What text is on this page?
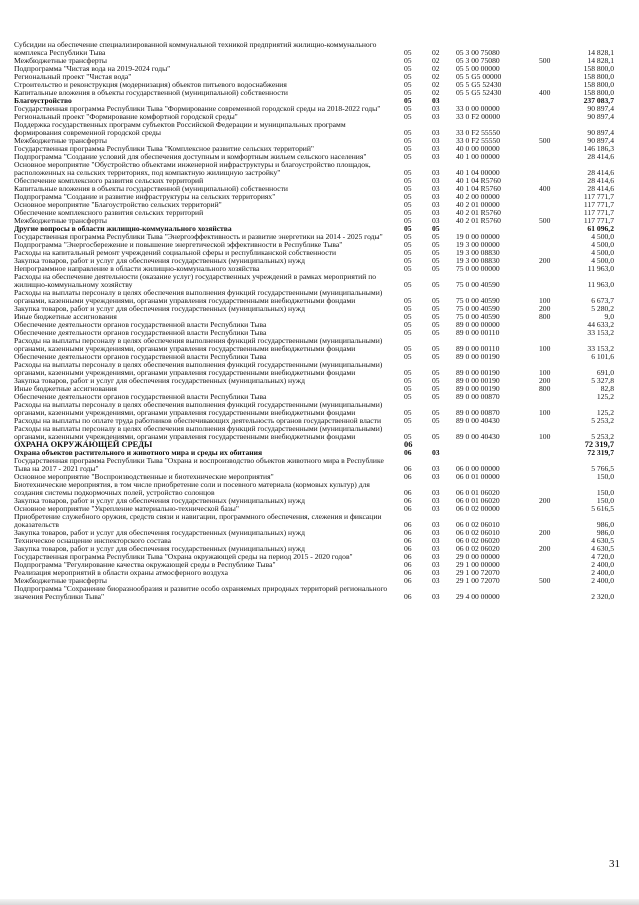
Субсидии на обеспечение специализированной коммунальной техникой предприятий жилищно-коммунального комплекса Республики Тыва	05	02 05 3 00 75080	14 828,1
Межбюджетные трансферты	05	02 05 3 00 75080	500	14 828,1
Подпрограмма "Чистая вода на 2019-2024 годы"	05	02 05 5 00 00000	158 800,0
Региональный проект "Чистая вода"	05	02 05 5 G5 00000	158 800,0
Строительство и реконструкция (модернизация) объектов питьевого водоснабжения	05	02 05 5 G5 52430	158 800,0
Капитальные вложения в объекты государственной (муниципальной) собственности	05	02 05 5 G5 52430	400	158 800,0
Благоустройство	05	03	237 083,7
Государственная программа Республики Тыва "Формирование современной городской среды на 2018-2022 годы"	05	03 33 0 00 00000	90 897,4
Региональный проект "Формирование комфортной городской среды"	05	03 33 0 F2 00000	90 897,4
Поддержка государственных программ субъектов Российской Федерации и муниципальных программ формирования современной городской среды	05	03 33 0 F2 55550	90 897,4
Межбюджетные трансферты	05	03 33 0 F2 55550	500	90 897,4
Государственная программа Республики Тыва "Комплексное развитие сельских территорий"	05	03 40 0 00 00000	146 186,3
Подпрограмма "Создание условий для обеспечения доступным и комфортным жильем сельского населения"	05	03 40 1 00 00000	28 414,6
Основное мероприятие "Обустройство объектами инженерной инфраструктуры и благоустройство площадок, расположенных на сельских территориях, под компактную жилищную застройку"	05	03 40 1 04 00000	28 414,6
Обеспечение комплексного развития сельских территорий	05	03 40 1 04 R5760	28 414,6
Капитальные вложения в объекты государственной (муниципальной) собственности	05	03 40 1 04 R5760	400	28 414,6
Подпрограмма "Создание и развитие инфраструктуры на сельских территориях"	05	03 40 2 00 00000	117 771,7
Основное мероприятие "Благоустройство сельских территорий"	05	03 40 2 01 00000	117 771,7
Обеспечение комплексного развития сельских территорий	05	03 40 2 01 R5760	117 771,7
Межбюджетные трансферты	05	03 40 2 01 R5760	500	117 771,7
Другие вопросы в области жилищно-коммунального хозяйства	05	05	61 096,2
Государственная программа Республики Тыва "Энергоэффективность и развитие энергетики на 2014 - 2025 годы"	05	05 19 0 00 00000	4 500,0
Подпрограмма "Энергосбережение и повышение энергетической эффективности в Республике Тыва"	05	05 19 3 00 00000	4 500,0
Расходы на капитальный ремонт учреждений социальной сферы и республиканской собственности	05	05 19 3 00 08830	4 500,0
Закупка товаров, работ и услуг для обеспечения государственных (муниципальных) нужд	05	05 19 3 00 08830	200	4 500,0
Непрограммное направление в области жилищно-коммунального хозяйства	05	05 75 0 00 00000	11 963,0
Расходы на обеспечение деятельности (оказание услуг) государственных учреждений в рамках мероприятий по жилищно-коммунальному хозяйству	05	05 75 0 00 40590	11 963,0
Расходы на выплаты персоналу в целях обеспечения выполнения функций государственными (муниципальными) органами, казенными учреждениями, органами управления государственными внебюджетными фондами	05	05 75 0 00 40590	100	6 673,7
Закупка товаров, работ и услуг для обеспечения государственных (муниципальных) нужд	05	05 75 0 00 40590	200	5 280,2
Иные бюджетные ассигнования	05	05 75 0 00 40590	800	9,0
Обеспечение деятельности органов государственной власти Республики Тыва	05	05 89 0 00 00000	44 633,2
Обеспечение деятельности органов государственной власти Республики Тыва	05	05 89 0 00 00110	33 153,2
Расходы на выплаты персоналу в целях обеспечения выполнения функций государственными (муниципальными) органами, казенными учреждениями, органами управления государственными внебюджетными фондами	05	05 89 0 00 00110	100	33 153,2
Обеспечение деятельности органов государственной власти Республики Тыва	05	05 89 0 00 00190	6 101,6
Расходы на выплаты персоналу в целях обеспечения выполнения функций государственными (муниципальными) органами, казенными учреждениями, органами управления государственными внебюджетными фондами	05	05 89 0 00 00190	100	691,0
Закупка товаров, работ и услуг для обеспечения государственных (муниципальных) нужд	05	05 89 0 00 00190	200	5 327,8
Иные бюджетные ассигнования	05	05 89 0 00 00190	800	82,8
Обеспечение деятельности органов государственной власти Республики Тыва	05	05 89 0 00 00870	125,2
Расходы на выплаты персоналу в целях обеспечения выполнения функций государственными (муниципальными) органами, казенными учреждениями, органами управления государственными внебюджетными фондами	05	05 89 0 00 00870	100	125,2
Расходы на выплаты по оплате труда работников обеспечивающих деятельность органов государственной власти	05	05 89 0 00 40430	5 253,2
Расходы на выплаты персоналу в целях обеспечения выполнения функций государственными (муниципальными) органами, казенными учреждениями, органами управления государственными внебюджетными фондами	05	05 89 0 00 40430	100	5 253,2
ОХРАНА ОКРУЖАЮЩЕЙ СРЕДЫ	06	72 319,7
Охрана объектов растительного и животного мира и среды их обитания	06	03	72 319,7
Государственная программа Республики Тыва "Охрана и воспроизводство объектов животного мира в Республике Тыва на 2017 - 2021 годы"	06	03 06 0 00 00000	5 766,5
Основное мероприятие "Воспроизводственные и биотехнические мероприятия"	06	03 06 0 01 00000	150,0
Биотехнические мероприятия, в том числе приобретение соли и посевного материала (кормовых культур) для создания системы подкормочных полей, устройство солонцов	06	03 06 0 01 06020	150,0
Закупка товаров, работ и услуг для обеспечения государственных (муниципальных) нужд	06	03 06 0 01 06020	200	150,0
Основное мероприятие "Укрепление материально-технической базы"	06	03 06 0 02 00000	5 616,5
Приобретение служебного оружия, средств связи и навигации, программного обеспечения, слежения и фиксации доказательств	06	03 06 0 02 06010	986,0
Закупка товаров, работ и услуг для обеспечения государственных (муниципальных) нужд	06	03 06 0 02 06010	200	986,0
Техническое оснащение инспекторского состава	06	03 06 0 02 06020	4 630,5
Закупка товаров, работ и услуг для обеспечения государственных (муниципальных) нужд	06	03 06 0 02 06020	200	4 630,5
Государственная программа Республики Тыва "Охрана окружающей среды на период 2015 - 2020 годов"	06	03 29 0 00 00000	4 720,0
Подпрограмма "Регулирование качества окружающей среды в Республике Тыва"	06	03 29 1 00 00000	2 400,0
Реализация мероприятий в области охраны атмосферного воздуха	06	03 29 1 00 72070	2 400,0
Межбюджетные трансферты	06	03 29 1 00 72070	500	2 400,0
Подпрограмма "Сохранение биоразнообразия и развитие особо охраняемых природных территорий регионального значения Республики Тыва"	06	03 29 4 00 00000	2 320,0
31
